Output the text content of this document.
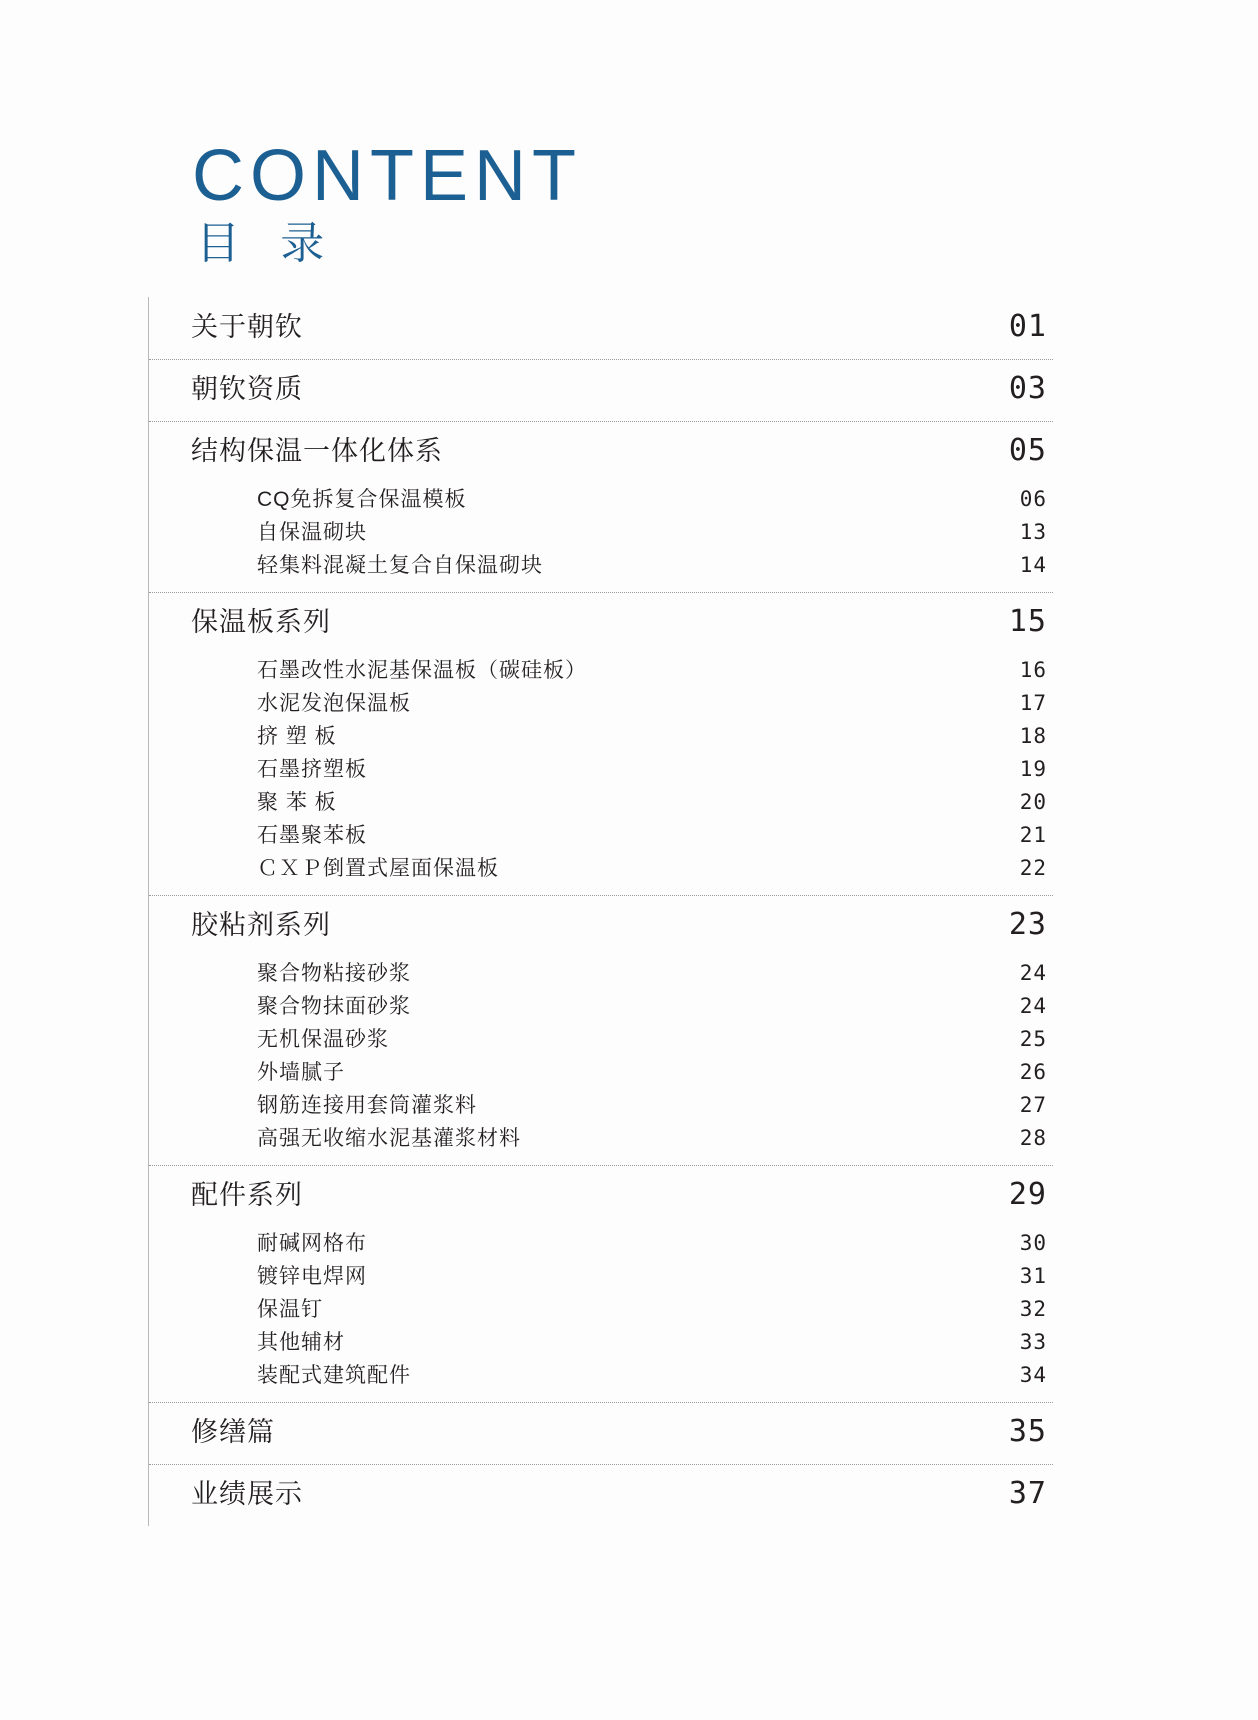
CONTENT
目 录
关于朝钦	01
朝钦资质	03
结构保温一体化体系	05
CQ免拆复合保温模板	06
自保温砌块	13
轻集料混凝土复合自保温砌块	14
保温板系列	15
石墨改性水泥基保温板（碳硅板）	16
水泥发泡保温板	17
挤 塑 板	18
石墨挤塑板	19
聚 苯 板	20
石墨聚苯板	21
ＣＸＰ倒置式屋面保温板	22
胶粘剂系列	23
聚合物粘接砂浆	24
聚合物抹面砂浆	24
无机保温砂浆	25
外墙腻子	26
钢筋连接用套筒灌浆料	27
高强无收缩水泥基灌浆材料	28
配件系列	29
耐碱网格布	30
镀锌电焊网	31
保温钉	32
其他辅材	33
装配式建筑配件	34
修缮篇	35
业绩展示	37
